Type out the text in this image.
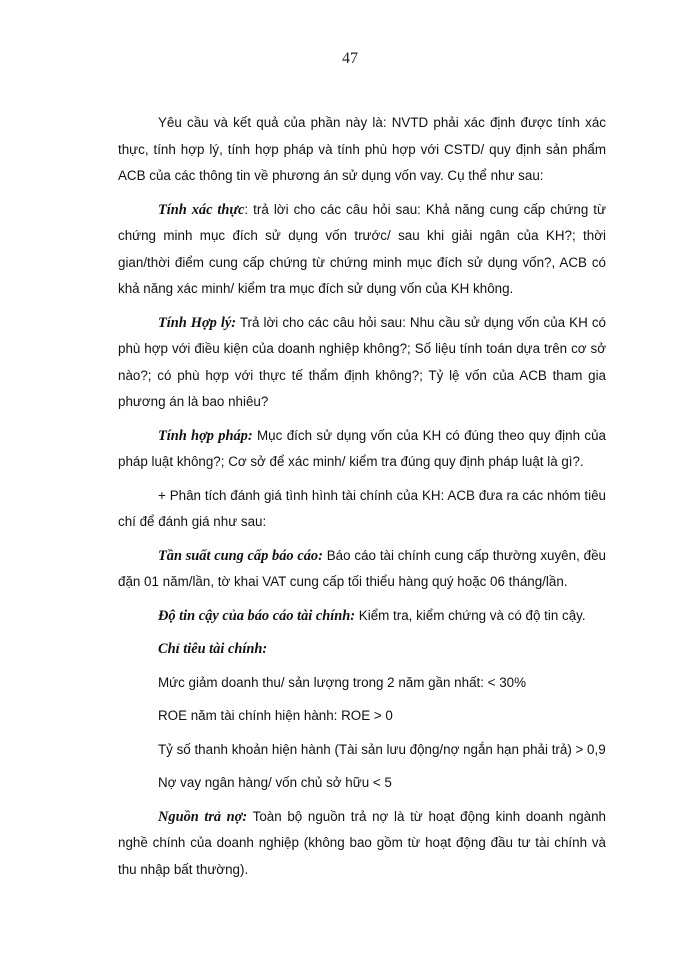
47

Yêu cầu và kết quả của phần này là: NVTD phải xác định được tính xác thực, tính hợp lý, tính hợp pháp và tính phù hợp với CSTD/ quy định sản phẩm ACB của các thông tin về phương án sử dụng vốn vay. Cụ thể như sau:

Tính xác thực: trả lời cho các câu hỏi sau: Khả năng cung cấp chứng từ chứng minh mục đích sử dụng vốn trước/ sau khi giải ngân của KH?; thời gian/thời điểm cung cấp chứng từ chứng minh mục đích sử dụng vốn?, ACB có khả năng xác minh/ kiểm tra mục đích sử dụng vốn của KH không.

Tính Hợp lý: Trả lời cho các câu hỏi sau: Nhu cầu sử dụng vốn của KH có phù hợp với điều kiện của doanh nghiệp không?; Số liệu tính toán dựa trên cơ sở nào?; có phù hợp với thực tế thẩm định không?; Tỷ lệ vốn của ACB tham gia phương án là bao nhiêu?

Tính hợp pháp: Mục đích sử dụng vốn của KH có đúng theo quy định của pháp luật không?; Cơ sở để xác minh/ kiểm tra đúng quy định pháp luật là gì?.

+ Phân tích đánh giá tình hình tài chính của KH: ACB đưa ra các nhóm tiêu chí để đánh giá như sau:

Tần suất cung cấp báo cáo: Báo cáo tài chính cung cấp thường xuyên, đều đặn 01 năm/lần, tờ khai VAT cung cấp tối thiểu hàng quý hoặc 06 tháng/lần.

Độ tin cậy của báo cáo tài chính: Kiểm tra, kiểm chứng và có độ tin cậy.

Chỉ tiêu tài chính:

Mức giảm doanh thu/ sản lượng trong 2 năm gần nhất: < 30%

ROE năm tài chính hiện hành: ROE > 0

Tỷ số thanh khoản hiện hành (Tài sản lưu động/nợ ngắn hạn phải trả) > 0,9

Nợ vay ngân hàng/ vốn chủ sở hữu < 5

Nguồn trả nợ: Toàn bộ nguồn trả nợ là từ hoạt động kinh doanh ngành nghề chính của doanh nghiệp (không bao gồm từ hoạt động đầu tư tài chính và thu nhập bất thường).
